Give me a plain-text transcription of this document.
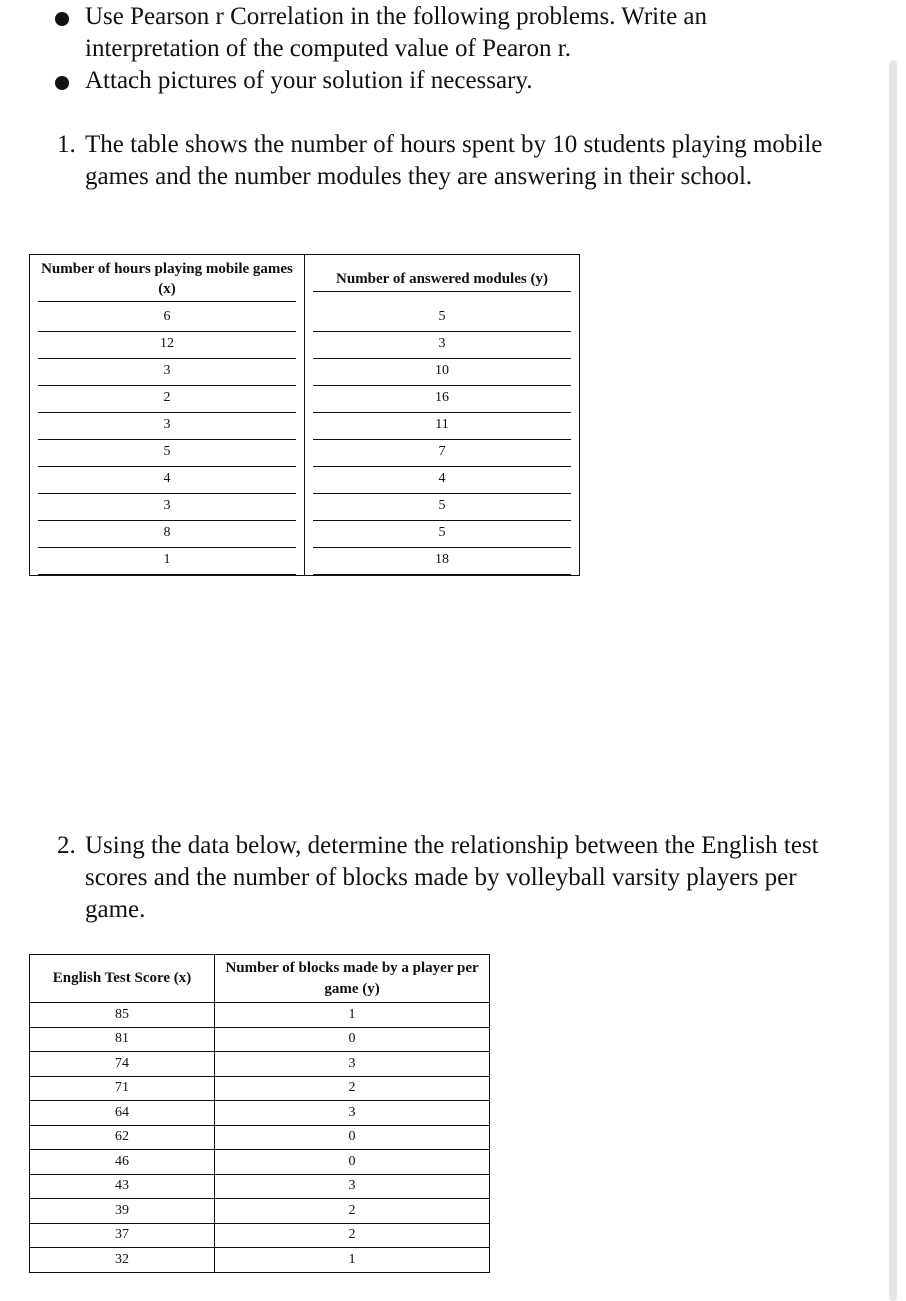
Use Pearson r Correlation in the following problems. Write an interpretation of the computed value of Pearon r.
Attach pictures of your solution if necessary.
1. The table shows the number of hours spent by 10 students playing mobile games and the number modules they are answering in their school.
Number of hours playing mobile games (x)	Number of answered modules (y)

6	5

12	3

3	10

2	16

3	11

5	7

4	4

3	5

8	5

1	18
2. Using the data below, determine the relationship between the English test scores and the number of blocks made by volleyball varsity players per game.
English Test Score (x)	Number of blocks made by a player per game (y)
85	1
81	0
74	3
71	2
64	3
62	0
46	0
43	3
39	2
37	2
32	1
